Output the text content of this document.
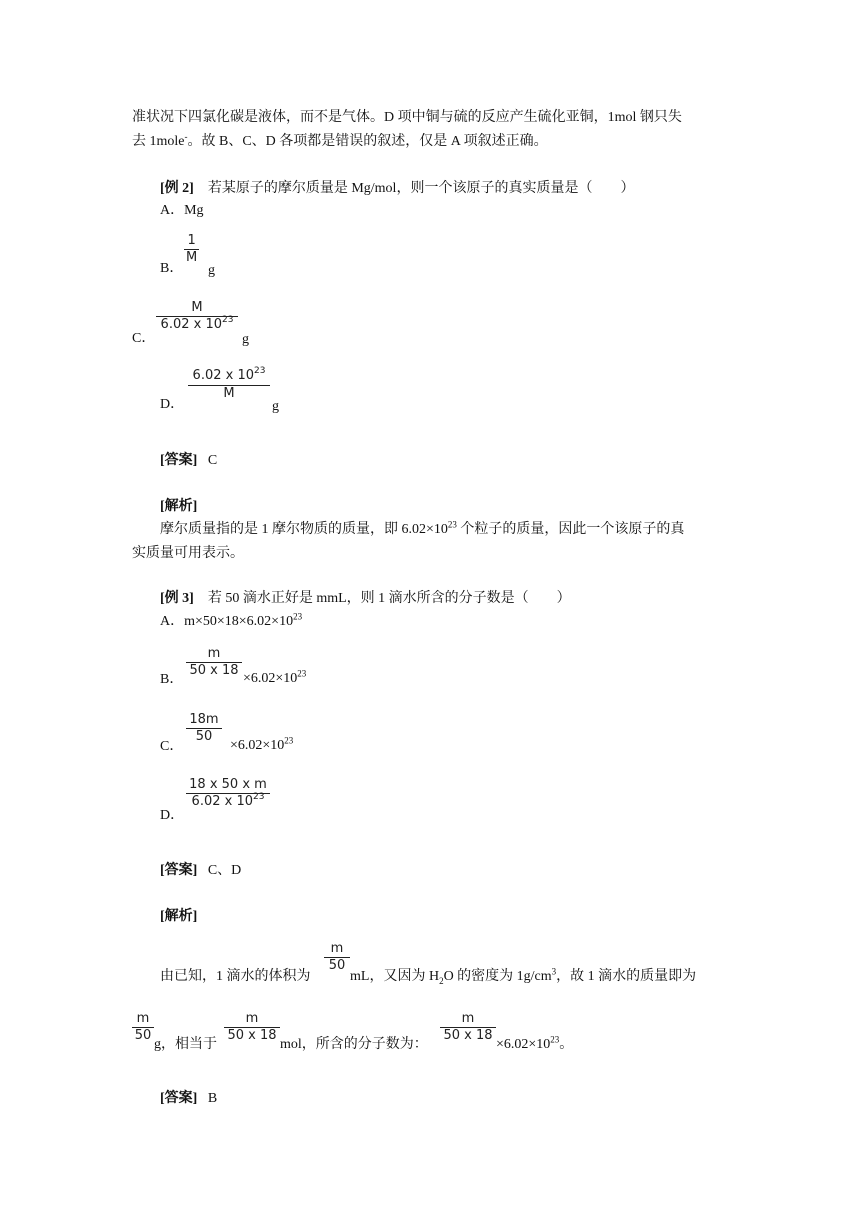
准状况下四氯化碳是液体，而不是气体。D 项中铜与硫的反应产生硫化亚铜，1mol 钢只失
去 1mole-。故 B、C、D 各项都是错误的叙述，仅是 A 项叙述正确。
[例 2] 若某原子的摩尔质量是 Mg/mol，则一个该原子的真实质量是（　　）
A．Mg
B．
1
M
g
C．
M
6.02 x $10^{23}$
g
D．
6.02 x $10^{23}$
M
g
[答案] C
[解析]
摩尔质量指的是 1 摩尔物质的质量，即 $6.02\times 10^{23}$ 个粒子的质量，因此一个该原子的真
实质量可用表示。
[例 3] 若 50 滴水正好是 mmL，则 1 滴水所含的分子数是（　　）
A．$m\times 50\times 18\times 6.02\times 10^{23}$
B．
m
50 x 18
$\times 6.02\times 10^{23}$
C．
18m
50
$\times 6.02\times 10^{23}$
D．
18 x 50 x m
6.02 x $10^{23}$
[答案] C、D
[解析]
由已知，1 滴水的体积为
m
50
mL，又因为 $H_2O$ 的密度为 $1g/cm^3$，故 1 滴水的质量即为
m
50
g，相当于
m
50 x 18
mol，所含的分子数为：
m
50 x 18
$\times 6.02\times 10^{23}$。
[答案] B
